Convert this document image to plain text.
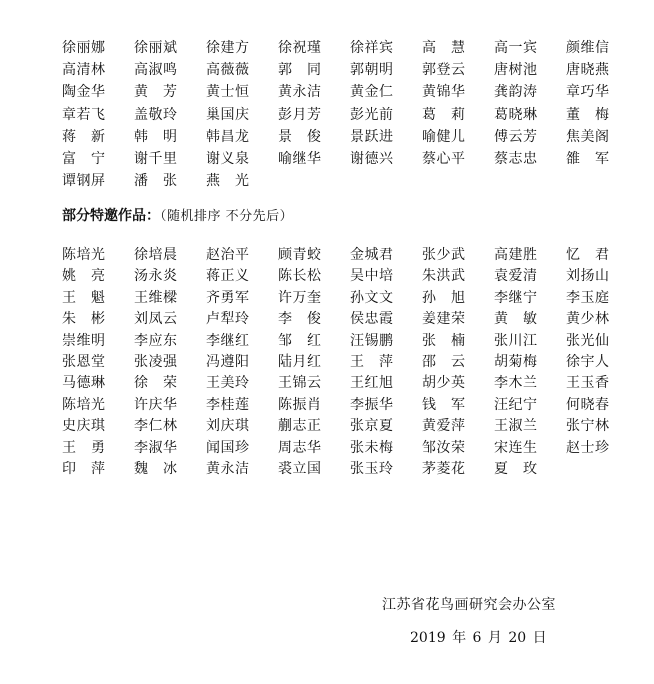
徐丽娜	徐丽斌	徐建方	徐祝瑾	徐祥宾	高慧	高一宾	颜维信
高清林	高淑鸣	高薇薇	郭同	郭朝明	郭登云	唐树池	唐晓燕
陶金华	黄芳	黄士恒	黄永洁	黄金仁	黄锦华	龚韵涛	章巧华
章若飞	盖敬玲	巢国庆	彭月芳	彭光前	葛莉	葛晓琳	董梅
蒋新	韩明	韩昌龙	景俊	景跃进	喻健儿	傅云芳	焦美阁
富宁	谢千里	谢义泉	喻继华	谢德兴	蔡心平	蔡志忠	雒军
谭钢屏	潘张	燕光
部分特邀作品：（随机排序 不分先后）
陈培光	徐培晨	赵治平	顾青蛟	金城君	张少武	高建胜	忆君
姚亮	汤永炎	蒋正义	陈长松	吴中培	朱洪武	袁爱清	刘扬山
王魁	王维樑	齐勇军	许万奎	孙文文	孙旭	李继宁	李玉庭
朱彬	刘凤云	卢犁玲	李俊	侯忠霞	姜建荣	黄敏	黄少林
崇维明	李应东	李继红	邹红	汪锡鹏	张楠	张川江	张光仙
张恩堂	张凌强	冯遵阳	陆月红	王萍	邵云	胡菊梅	徐宇人
马德琳	徐荣	王美玲	王锦云	王红旭	胡少英	李木兰	王玉香
陈培光	许庆华	李桂莲	陈振肖	李振华	钱军	汪纪宁	何晓春
史庆琪	李仁林	刘庆琪	蒯志正	张京夏	黄爱萍	王淑兰	张宁林
王勇	李淑华	闻国珍	周志华	张未梅	邹汝荣	宋连生	赵士珍
印萍	魏冰	黄永洁	裘立国	张玉玲	茅菱花	夏玫
江苏省花鸟画研究会办公室
2019 年 6 月 20 日
